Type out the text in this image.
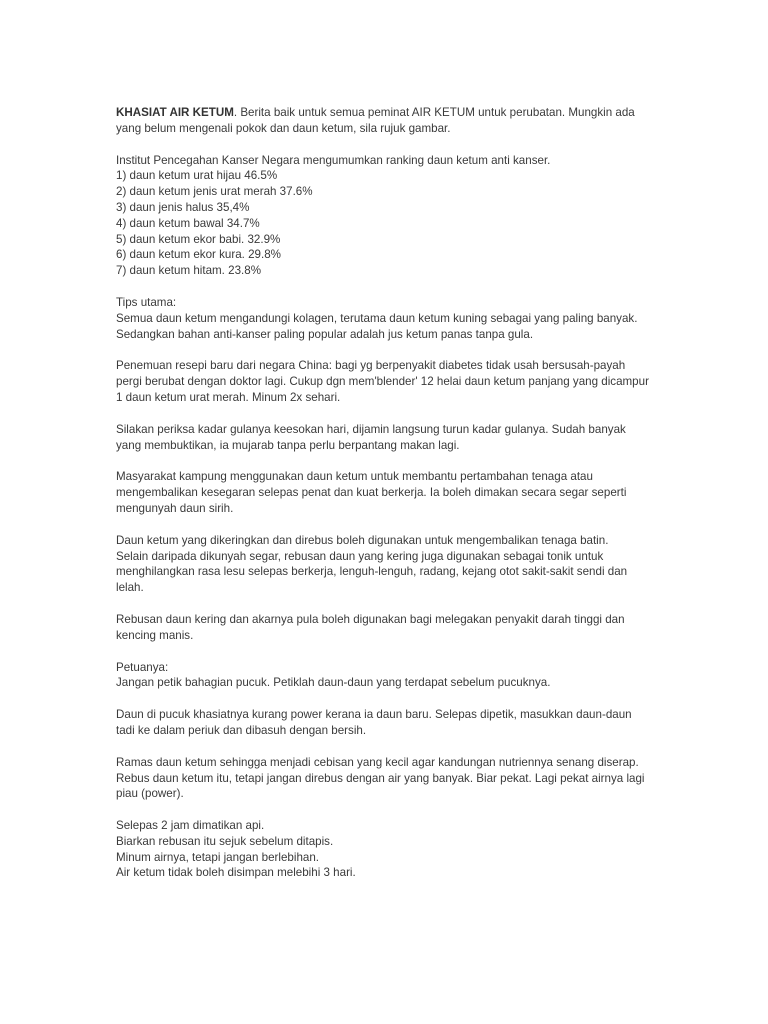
KHASIAT AIR KETUM. Berita baik untuk semua peminat AIR KETUM untuk perubatan. Mungkin ada
yang belum mengenali pokok dan daun ketum, sila rujuk gambar.
Institut Pencegahan Kanser Negara mengumumkan ranking daun ketum anti kanser.
1) daun ketum urat hijau 46.5%
2) daun ketum jenis urat merah 37.6%
3) daun jenis halus 35,4%
4) daun ketum bawal 34.7%
5) daun ketum ekor babi. 32.9%
6) daun ketum ekor kura. 29.8%
7) daun ketum hitam. 23.8%
Tips utama:
Semua daun ketum mengandungi kolagen, terutama daun ketum kuning sebagai yang paling banyak.
Sedangkan bahan anti-kanser paling popular adalah jus ketum panas tanpa gula.
Penemuan resepi baru dari negara China: bagi yg berpenyakit diabetes tidak usah bersusah-payah
pergi berubat dengan doktor lagi. Cukup dgn mem'blender' 12 helai daun ketum panjang yang dicampur
1 daun ketum urat merah. Minum 2x sehari.
Silakan periksa kadar gulanya keesokan hari, dijamin langsung turun kadar gulanya. Sudah banyak
yang membuktikan, ia mujarab tanpa perlu berpantang makan lagi.
Masyarakat kampung menggunakan daun ketum untuk membantu pertambahan tenaga atau
mengembalikan kesegaran selepas penat dan kuat berkerja. Ia boleh dimakan secara segar seperti
mengunyah daun sirih.
Daun ketum yang dikeringkan dan direbus boleh digunakan untuk mengembalikan tenaga batin.
Selain daripada dikunyah segar, rebusan daun yang kering juga digunakan sebagai tonik untuk
menghilangkan rasa lesu selepas berkerja, lenguh-lenguh, radang, kejang otot sakit-sakit sendi dan
lelah.
Rebusan daun kering dan akarnya pula boleh digunakan bagi melegakan penyakit darah tinggi dan
kencing manis.
Petuanya:
Jangan petik bahagian pucuk. Petiklah daun-daun yang terdapat sebelum pucuknya.
Daun di pucuk khasiatnya kurang power kerana ia daun baru. Selepas dipetik, masukkan daun-daun
tadi ke dalam periuk dan dibasuh dengan bersih.
Ramas daun ketum sehingga menjadi cebisan yang kecil agar kandungan nutriennya senang diserap.
Rebus daun ketum itu, tetapi jangan direbus dengan air yang banyak. Biar pekat. Lagi pekat airnya lagi
piau (power).
Selepas 2 jam dimatikan api.
Biarkan rebusan itu sejuk sebelum ditapis.
Minum airnya, tetapi jangan berlebihan.
Air ketum tidak boleh disimpan melebihi 3 hari.
